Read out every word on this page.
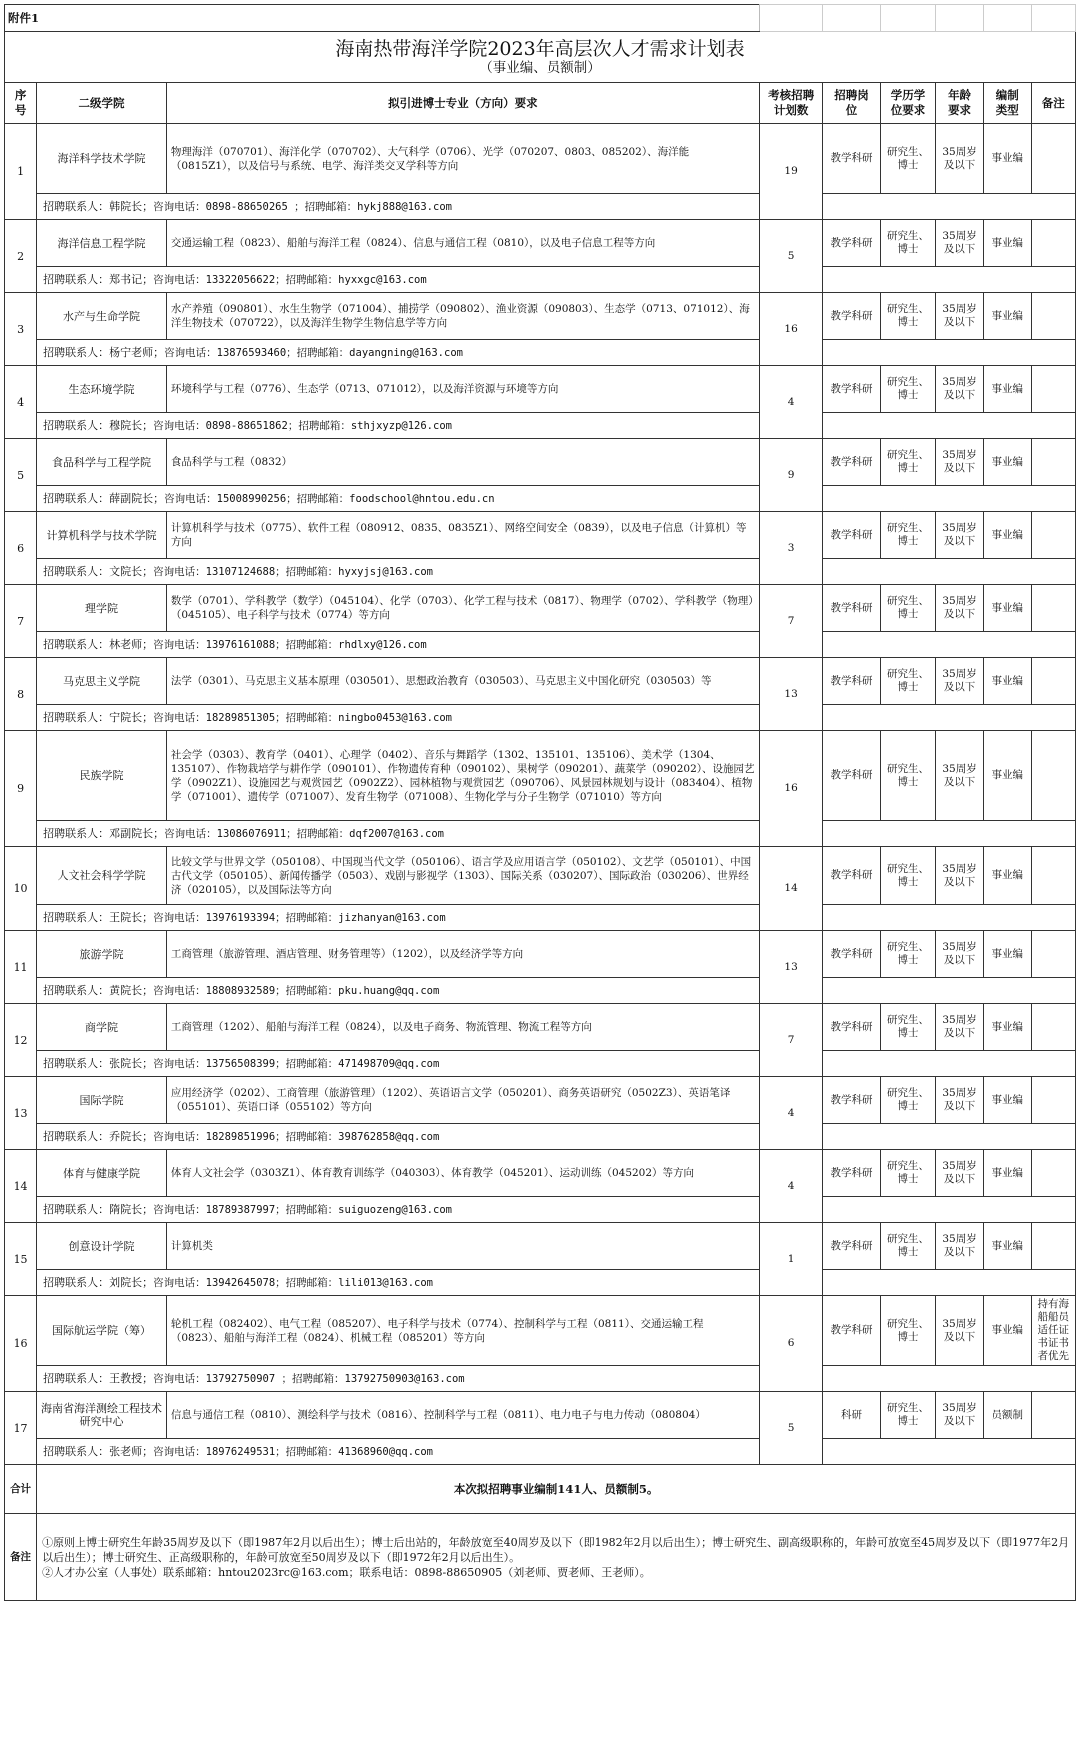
附件1								
海南热带海洋学院2023年高层次人才需求计划表
（事业编、员额制）								

序号	二级学院	拟引进博士专业（方向）要求	考核招聘计划数	招聘岗位	学历学位要求	年龄要求	编制类型	备注
1	海洋科学技术学院	物理海洋（070701）、海洋化学（070702）、大气科学（0706）、光学（070207、0803、085202）、海洋能（0815Z1），以及信号与系统、电学、海洋类交叉学科等方向	19	教学科研	研究生、博士	35周岁及以下	事业编	
	招聘联系人：韩院长；咨询电话：0898-88650265 ；招聘邮箱：hykj888@163.com							
2	海洋信息工程学院	交通运输工程（0823）、船舶与海洋工程（0824）、信息与通信工程（0810），以及电子信息工程等方向	5	教学科研	研究生、博士	35周岁及以下	事业编	
	招聘联系人：郑书记；咨询电话：13322056622；招聘邮箱：hyxxgc@163.com							
3	水产与生命学院	水产养殖（090801）、水生生物学（071004）、捕捞学（090802）、渔业资源（090803）、生态学（0713、071012）、海洋生物技术（070722），以及海洋生物学生物信息学等方向	16	教学科研	研究生、博士	35周岁及以下	事业编	
	招聘联系人：杨宁老师；咨询电话：13876593460；招聘邮箱：dayangning@163.com							
4	生态环境学院	环境科学与工程（0776）、生态学（0713、071012），以及海洋资源与环境等方向	4	教学科研	研究生、博士	35周岁及以下	事业编	
	招聘联系人：穆院长；咨询电话：0898-88651862；招聘邮箱：sthjxyzp@126.com							
5	食品科学与工程学院	食品科学与工程（0832）	9	教学科研	研究生、博士	35周岁及以下	事业编	
	招聘联系人：薛副院长；咨询电话：15008990256；招聘邮箱：foodschool@hntou.edu.cn							
6	计算机科学与技术学院	计算机科学与技术（0775）、软件工程（080912、0835、0835Z1）、网络空间安全（0839），以及电子信息（计算机）等方向	3	教学科研	研究生、博士	35周岁及以下	事业编	
	招聘联系人：文院长；咨询电话：13107124688；招聘邮箱：hyxyjsj@163.com							
7	理学院	数学（0701）、学科教学（数学）（045104）、化学（0703）、化学工程与技术（0817）、物理学（0702）、学科教学（物理）（045105）、电子科学与技术（0774）等方向	7	教学科研	研究生、博士	35周岁及以下	事业编	
	招聘联系人：林老师；咨询电话：13976161088；招聘邮箱：rhdlxy@126.com							
8	马克思主义学院	法学（0301）、马克思主义基本原理（030501）、思想政治教育（030503）、马克思主义中国化研究（030503）等	13	教学科研	研究生、博士	35周岁及以下	事业编	
	招聘联系人：宁院长；咨询电话：18289851305；招聘邮箱：ningbo0453@163.com							
9	民族学院	社会学（0303）、教育学（0401）、心理学（0402）、音乐与舞蹈学（1302、135101、135106）、美术学（1304、135107）、作物栽培学与耕作学（090101）、作物遗传育种（090102）、果树学（090201）、蔬菜学（090202）、设施园艺学（0902Z1）、设施园艺与观赏园艺（0902Z2）、园林植物与观赏园艺（090706）、风景园林规划与设计（083404）、植物学（071001）、遗传学（071007）、发育生物学（071008）、生物化学与分子生物学（071010）等方向	16	教学科研	研究生、博士	35周岁及以下	事业编	
	招聘联系人：邓副院长；咨询电话：13086076911；招聘邮箱：dqf2007@163.com							
10	人文社会科学学院	比较文学与世界文学（050108）、中国现当代文学（050106）、语言学及应用语言学（050102）、文艺学（050101）、中国古代文学（050105）、新闻传播学（0503）、戏剧与影视学（1303）、国际关系（030207）、国际政治（030206）、世界经济（020105），以及国际法等方向	14	教学科研	研究生、博士	35周岁及以下	事业编	
	招聘联系人：王院长；咨询电话：13976193394；招聘邮箱：jizhanyan@163.com							
11	旅游学院	工商管理（旅游管理、酒店管理、财务管理等）（1202），以及经济学等方向	13	教学科研	研究生、博士	35周岁及以下	事业编	
	招聘联系人：黄院长；咨询电话：18808932589；招聘邮箱：pku.huang@qq.com							
12	商学院	工商管理（1202）、船舶与海洋工程（0824），以及电子商务、物流管理、物流工程等方向	7	教学科研	研究生、博士	35周岁及以下	事业编	
	招聘联系人：张院长；咨询电话：13756508399；招聘邮箱：471498709@qq.com							
13	国际学院	应用经济学（0202）、工商管理（旅游管理）（1202）、英语语言文学（050201）、商务英语研究（0502Z3）、英语笔译（055101）、英语口译（055102）等方向	4	教学科研	研究生、博士	35周岁及以下	事业编	
	招聘联系人：乔院长；咨询电话：18289851996；招聘邮箱：398762858@qq.com							
14	体育与健康学院	体育人文社会学（0303Z1）、体育教育训练学（040303）、体育教学（045201）、运动训练（045202）等方向	4	教学科研	研究生、博士	35周岁及以下	事业编	
	招聘联系人：隋院长；咨询电话：18789387997；招聘邮箱：suiguozeng@163.com							
15	创意设计学院	计算机类	1	教学科研	研究生、博士	35周岁及以下	事业编	
	招聘联系人：刘院长；咨询电话：13942645078；招聘邮箱：lili013@163.com							
16	国际航运学院（筹）	轮机工程（082402）、电气工程（085207）、电子科学与技术（0774）、控制科学与工程（0811）、交通运输工程（0823）、船舶与海洋工程（0824）、机械工程（085201）等方向	6	教学科研	研究生、博士	35周岁及以下	事业编	持有海船船员适任证书证书者优先
	招聘联系人：王教授；咨询电话：13792750907 ；招聘邮箱：13792750903@163.com							
17	海南省海洋测绘工程技术研究中心	信息与通信工程（0810）、测绘科学与技术（0816）、控制科学与工程（0811）、电力电子与电力传动（080804）	5	科研	研究生、博士	35周岁及以下	员额制	
	招聘联系人：张老师；咨询电话：18976249531；招聘邮箱：41368960@qq.com							
合计	本次拟招聘事业编制141人、员额制5。							
备注	①原则上博士研究生年龄35周岁及以下（即1987年2月以后出生）；博士后出站的，年龄放宽至40周岁及以下（即1982年2月以后出生）；博士研究生、副高级职称的，年龄可放宽至45周岁及以下（即1977年2月以后出生）；博士研究生、正高级职称的，年龄可放宽至50周岁及以下（即1972年2月以后出生）。
②人才办公室（人事处）联系邮箱：hntou2023rc@163.com；联系电话：0898-88650905（刘老师、贾老师、王老师）。							
